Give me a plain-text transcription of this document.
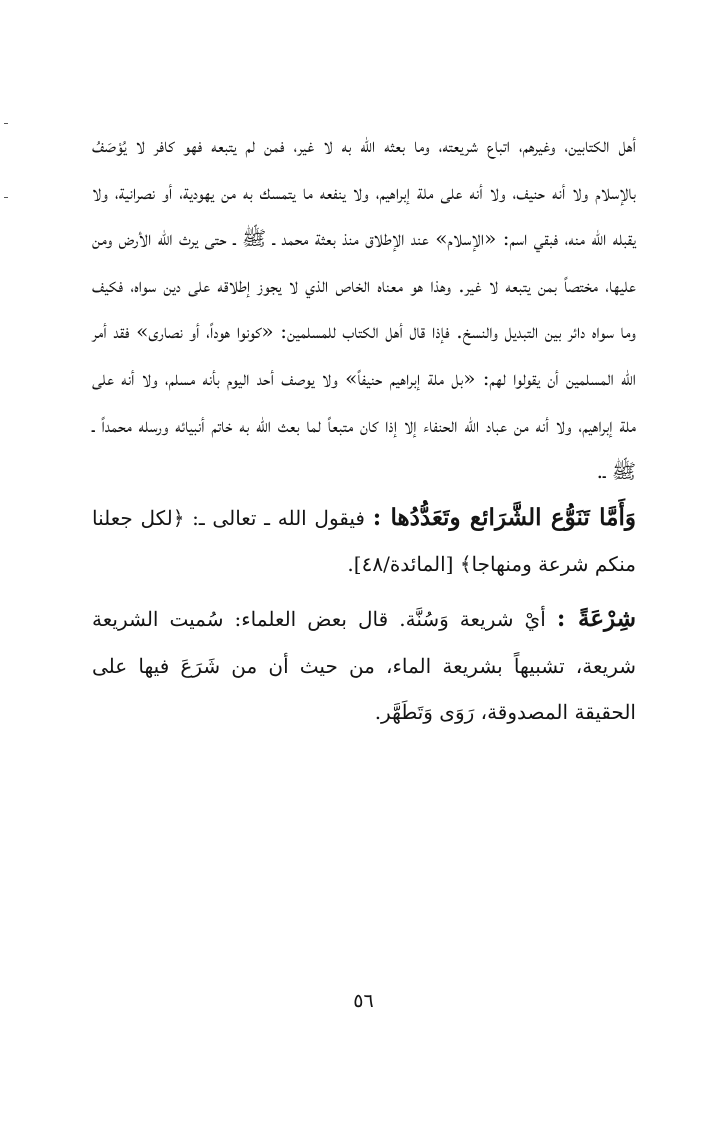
أهل الكتابين، وغيرهم، اتباع شريعته، وما بعثه الله به لا غير، فمن لم يتبعه فهو كافر لا يُوْصَفُ بالإسلام ولا أنه حنيف، ولا أنه على ملة إبراهيم، ولا ينفعه ما يتمسك به من يهودية، أو نصرانية، ولا يقبله الله منه، فبقي اسم: «الإسلام» عند الإطلاق منذ بعثة محمد ـ ﷺ ـ حتى يرث الله الأرض ومن عليها، مختصاً بمن يتبعه لا غير. وهذا هو معناه الخاص الذي لا يجوز إطلاقه على دين سواه، فكيف وما سواه دائر بين التبديل والنسخ. فإذا قال أهل الكتاب للمسلمين: «كونوا هوداً، أو نصارى» فقد أمر الله المسلمين أن يقولوا لهم: «بل ملة إبراهيم حنيفاً» ولا يوصف أحد اليوم بأنه مسلم، ولا أنه على ملة إبراهيم، ولا أنه من عباد الله الحنفاء إلا إذا كان متبعاً لما بعث الله به خاتم أنبيائه ورسله محمداً ـ ﷺ ـ.

وَأَمَّا تَنَوُّع الشَّرَائع وتَعَدُّدُها : فيقول الله ـ تعالى ـ: ﴿لكل جعلنا منكم شرعة ومنهاجا﴾ [المائدة/٤٨].

شِرْعَةً : أيْ شريعة وَسُنَّة. قال بعض العلماء: سُميت الشريعة شريعة، تشبيهاً بشريعة الماء، من حيث أن من شَرَعَ فيها على الحقيقة المصدوقة، رَوَى وَتَطَهَّر.

٥٦
